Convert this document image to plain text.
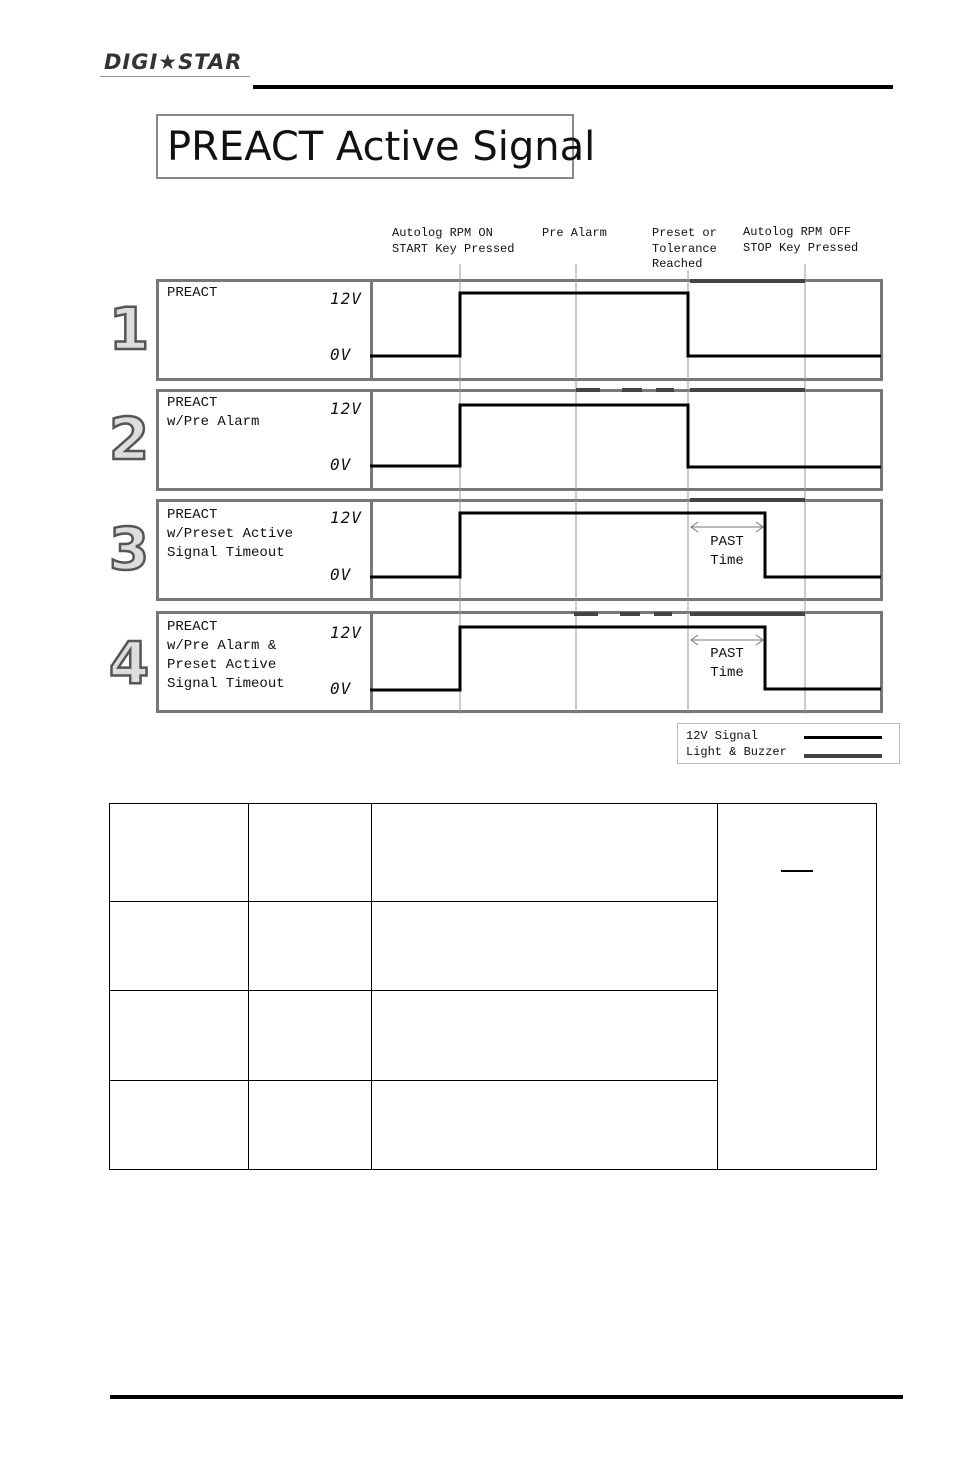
DIGI★STAR
PREACT Active Signal
Autolog RPM ON
START Key Pressed
Pre Alarm	Preset or
Tolerance
Reached
Autolog RPM OFF
STOP Key Pressed
1
2
3
4
PREACT
PREACT
w/Pre Alarm
PREACT
w/Preset Active
Signal Timeout
PREACT
w/Pre Alarm &
Preset Active
Signal Timeout
12V
0V
12V
0V
12V
0V
12V
0V
PAST
Time
PAST
Time
12V Signal
Light & Buzzer
